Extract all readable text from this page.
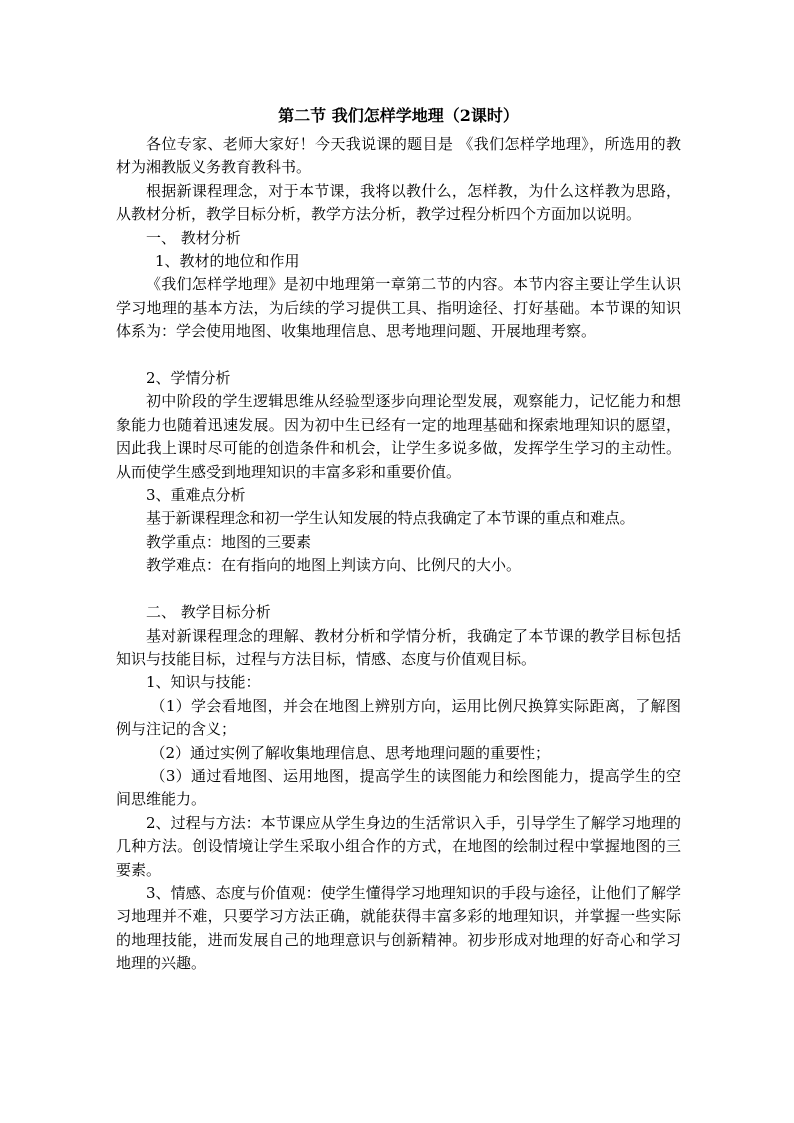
第二节 我们怎样学地理（2课时）

各位专家、老师大家好！今天我说课的题目是 《我们怎样学地理》，所选用的教材为湘教版义务教育教科书。

根据新课程理念，对于本节课，我将以教什么，怎样教，为什么这样教为思路，从教材分析，教学目标分析，教学方法分析，教学过程分析四个方面加以说明。

一、 教材分析

1、教材的地位和作用

《我们怎样学地理》是初中地理第一章第二节的内容。本节内容主要让学生认识学习地理的基本方法，为后续的学习提供工具、指明途径、打好基础。本节课的知识体系为：学会使用地图、收集地理信息、思考地理问题、开展地理考察。

2、学情分析

初中阶段的学生逻辑思维从经验型逐步向理论型发展，观察能力，记忆能力和想象能力也随着迅速发展。因为初中生已经有一定的地理基础和探索地理知识的愿望，因此我上课时尽可能的创造条件和机会，让学生多说多做，发挥学生学习的主动性。从而使学生感受到地理知识的丰富多彩和重要价值。

3、重难点分析

基于新课程理念和初一学生认知发展的特点我确定了本节课的重点和难点。

教学重点：地图的三要素

教学难点：在有指向的地图上判读方向、比例尺的大小。

二、 教学目标分析

基对新课程理念的理解、教材分析和学情分析，我确定了本节课的教学目标包括知识与技能目标，过程与方法目标，情感、态度与价值观目标。

1、知识与技能：

（1）学会看地图，并会在地图上辨别方向，运用比例尺换算实际距离，了解图例与注记的含义；

（2）通过实例了解收集地理信息、思考地理问题的重要性；

（3）通过看地图、运用地图，提高学生的读图能力和绘图能力，提高学生的空间思维能力。

2、过程与方法：本节课应从学生身边的生活常识入手，引导学生了解学习地理的几种方法。创设情境让学生采取小组合作的方式，在地图的绘制过程中掌握地图的三要素。

3、情感、态度与价值观：使学生懂得学习地理知识的手段与途径，让他们了解学习地理并不难，只要学习方法正确，就能获得丰富多彩的地理知识，并掌握一些实际的地理技能，进而发展自己的地理意识与创新精神。初步形成对地理的好奇心和学习地理的兴趣。
